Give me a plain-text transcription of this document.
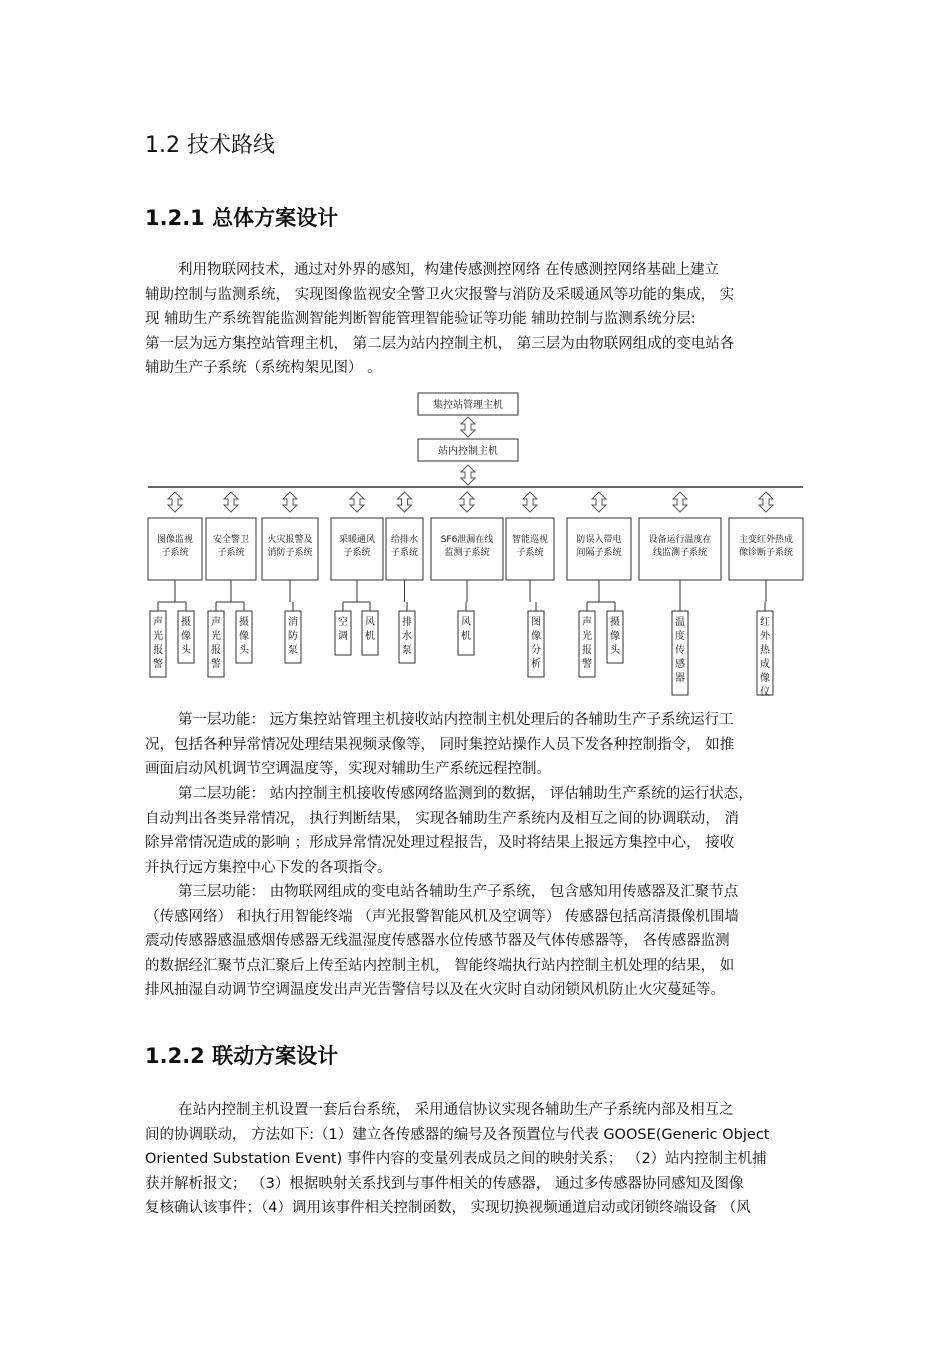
1.2 技术路线
1.2.1 总体方案设计
利用物联网技术，通过对外界的感知，构建传感测控网络 在传感测控网络基础上建立
辅助控制与监测系统， 实现图像监视安全警卫火灾报警与消防及采暖通风等功能的集成， 实
现 辅助生产系统智能监测智能判断智能管理智能验证等功能 辅助控制与监测系统分层:
第一层为远方集控站管理主机， 第二层为站内控制主机， 第三层为由物联网组成的变电站各
辅助生产子系统（系统构架见图） 。
集控站管理主机
站内控制主机
图像监视
子系统
声
光
报
警
摄
像
头
安全警卫
子系统
声
光
报
警
摄
像
头
火灾报警及
消防子系统
消
防
泵
采暖通风
子系统
空
调
风
机
给排水
子系统
排
水
泵
SF6泄漏在线
监测子系统
风
机
智能巡视
子系统
图
像
分
析
防误入带电
间隔子系统
声
光
报
警
摄
像
头
设备运行温度在
线监测子系统
温
度
传
感
器
主变红外热成
像诊断子系统
红
外
热
成
像
仪
第一层功能： 远方集控站管理主机接收站内控制主机处理后的各辅助生产子系统运行工
况，包括各种异常情况处理结果视频录像等， 同时集控站操作人员下发各种控制指令， 如推
画面启动风机调节空调温度等，实现对辅助生产系统远程控制。
第二层功能： 站内控制主机接收传感网络监测到的数据， 评估辅助生产系统的运行状态，
自动判出各类异常情况， 执行判断结果， 实现各辅助生产系统内及相互之间的协调联动， 消
除异常情况造成的影响 ；形成异常情况处理过程报告，及时将结果上报远方集控中心， 接收
并执行远方集控中心下发的各项指令。
第三层功能： 由物联网组成的变电站各辅助生产子系统， 包含感知用传感器及汇聚节点
（传感网络） 和执行用智能终端 （声光报警智能风机及空调等） 传感器包括高清摄像机围墙
震动传感器感温感烟传感器无线温湿度传感器水位传感节器及气体传感器等， 各传感器监测
的数据经汇聚节点汇聚后上传至站内控制主机， 智能终端执行站内控制主机处理的结果， 如
排风抽湿自动调节空调温度发出声光告警信号以及在火灾时自动闭锁风机防止火灾蔓延等。
1.2.2 联动方案设计
在站内控制主机设置一套后台系统， 采用通信协议实现各辅助生产子系统内部及相互之
间的协调联动， 方法如下:（1）建立各传感器的编号及各预置位与代表 GOOSE(Generic Object
Oriented Substation Event) 事件内容的变量列表成员之间的映射关系； （2）站内控制主机捕
获并解析报文； （3）根据映射关系找到与事件相关的传感器， 通过多传感器协同感知及图像
复核确认该事件；（4）调用该事件相关控制函数， 实现切换视频通道启动或闭锁终端设备 （风
